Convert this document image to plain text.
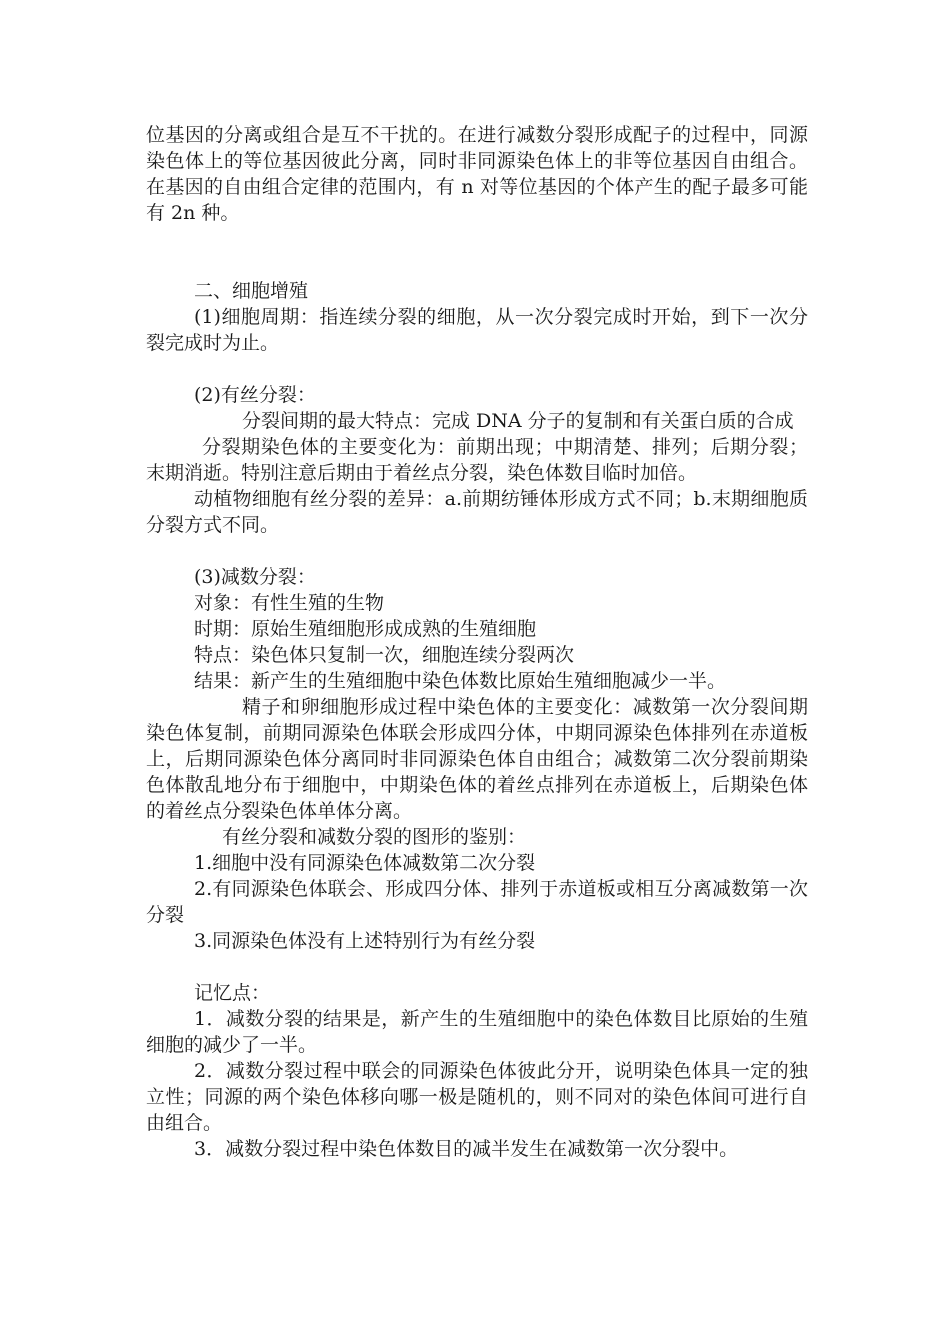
位基因的分离或组合是互不干扰的。在进行减数分裂形成配子的过程中，同源染色体上的等位基因彼此分离，同时非同源染色体上的非等位基因自由组合。在基因的自由组合定律的范围内，有 n 对等位基因的个体产生的配子最多可能有 2n 种。

二、细胞增殖

(1)细胞周期：指连续分裂的细胞，从一次分裂完成时开始，到下一次分裂完成时为止。

(2)有丝分裂：

分裂间期的最大特点：完成 DNA 分子的复制和有关蛋白质的合成

分裂期染色体的主要变化为：前期出现；中期清楚、排列；后期分裂；末期消逝。特别注意后期由于着丝点分裂，染色体数目临时加倍。

动植物细胞有丝分裂的差异：a.前期纺锤体形成方式不同；b.末期细胞质分裂方式不同。

(3)减数分裂：

对象：有性生殖的生物

时期：原始生殖细胞形成成熟的生殖细胞

特点：染色体只复制一次，细胞连续分裂两次

结果：新产生的生殖细胞中染色体数比原始生殖细胞减少一半。

精子和卵细胞形成过程中染色体的主要变化：减数第一次分裂间期染色体复制，前期同源染色体联会形成四分体，中期同源染色体排列在赤道板上，后期同源染色体分离同时非同源染色体自由组合；减数第二次分裂前期染色体散乱地分布于细胞中，中期染色体的着丝点排列在赤道板上，后期染色体的着丝点分裂染色体单体分离。

有丝分裂和减数分裂的图形的鉴别：

1.细胞中没有同源染色体减数第二次分裂

2.有同源染色体联会、形成四分体、排列于赤道板或相互分离减数第一次分裂

3.同源染色体没有上述特别行为有丝分裂

记忆点：

1．减数分裂的结果是，新产生的生殖细胞中的染色体数目比原始的生殖细胞的减少了一半。

2．减数分裂过程中联会的同源染色体彼此分开，说明染色体具一定的独立性；同源的两个染色体移向哪一极是随机的，则不同对的染色体间可进行自由组合。

3．减数分裂过程中染色体数目的减半发生在减数第一次分裂中。
